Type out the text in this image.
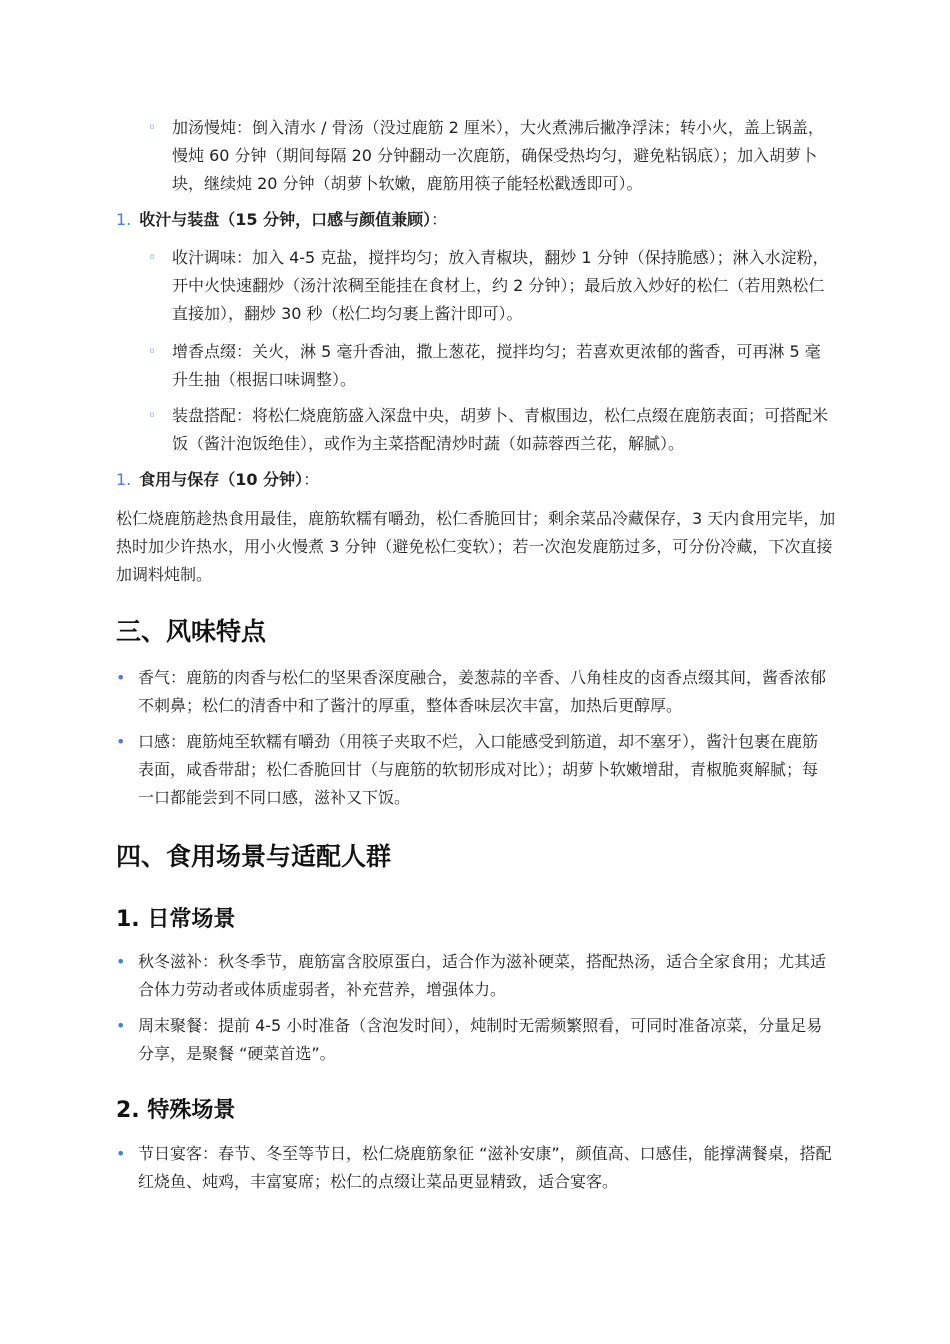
◦ 加汤慢炖：倒入清水 / 骨汤（没过鹿筋 2 厘米），大火煮沸后撇净浮沫；转小火，盖上锅盖，慢炖 60 分钟（期间每隔 20 分钟翻动一次鹿筋，确保受热均匀，避免粘锅底）；加入胡萝卜块，继续炖 20 分钟（胡萝卜软嫩，鹿筋用筷子能轻松戳透即可）。
1. 收汁与装盘（15 分钟，口感与颜值兼顾）：
◦ 收汁调味：加入 4-5 克盐，搅拌均匀；放入青椒块，翻炒 1 分钟（保持脆感）；淋入水淀粉，开中火快速翻炒（汤汁浓稠至能挂在食材上，约 2 分钟）；最后放入炒好的松仁（若用熟松仁直接加），翻炒 30 秒（松仁均匀裹上酱汁即可）。
◦ 增香点缀：关火，淋 5 毫升香油，撒上葱花，搅拌均匀；若喜欢更浓郁的酱香，可再淋 5 毫升生抽（根据口味调整）。
◦ 装盘搭配：将松仁烧鹿筋盛入深盘中央，胡萝卜、青椒围边，松仁点缀在鹿筋表面；可搭配米饭（酱汁泡饭绝佳），或作为主菜搭配清炒时蔬（如蒜蓉西兰花，解腻）。
1. 食用与保存（10 分钟）：
松仁烧鹿筋趁热食用最佳，鹿筋软糯有嚼劲，松仁香脆回甘；剩余菜品冷藏保存，3 天内食用完毕，加热时加少许热水，用小火慢煮 3 分钟（避免松仁变软）；若一次泡发鹿筋过多，可分份冷藏，下次直接加调料炖制。
三、风味特点
• 香气：鹿筋的肉香与松仁的坚果香深度融合，姜葱蒜的辛香、八角桂皮的卤香点缀其间，酱香浓郁不刺鼻；松仁的清香中和了酱汁的厚重，整体香味层次丰富，加热后更醇厚。
• 口感：鹿筋炖至软糯有嚼劲（用筷子夹取不烂，入口能感受到筋道，却不塞牙），酱汁包裹在鹿筋表面，咸香带甜；松仁香脆回甘（与鹿筋的软韧形成对比）；胡萝卜软嫩增甜，青椒脆爽解腻；每一口都能尝到不同口感，滋补又下饭。
四、食用场景与适配人群
1. 日常场景
• 秋冬滋补：秋冬季节，鹿筋富含胶原蛋白，适合作为滋补硬菜，搭配热汤，适合全家食用；尤其适合体力劳动者或体质虚弱者，补充营养，增强体力。
• 周末聚餐：提前 4-5 小时准备（含泡发时间），炖制时无需频繁照看，可同时准备凉菜，分量足易分享，是聚餐 “硬菜首选”。
2. 特殊场景
• 节日宴客：春节、冬至等节日，松仁烧鹿筋象征 “滋补安康”，颜值高、口感佳，能撑满餐桌，搭配红烧鱼、炖鸡，丰富宴席；松仁的点缀让菜品更显精致，适合宴客。
